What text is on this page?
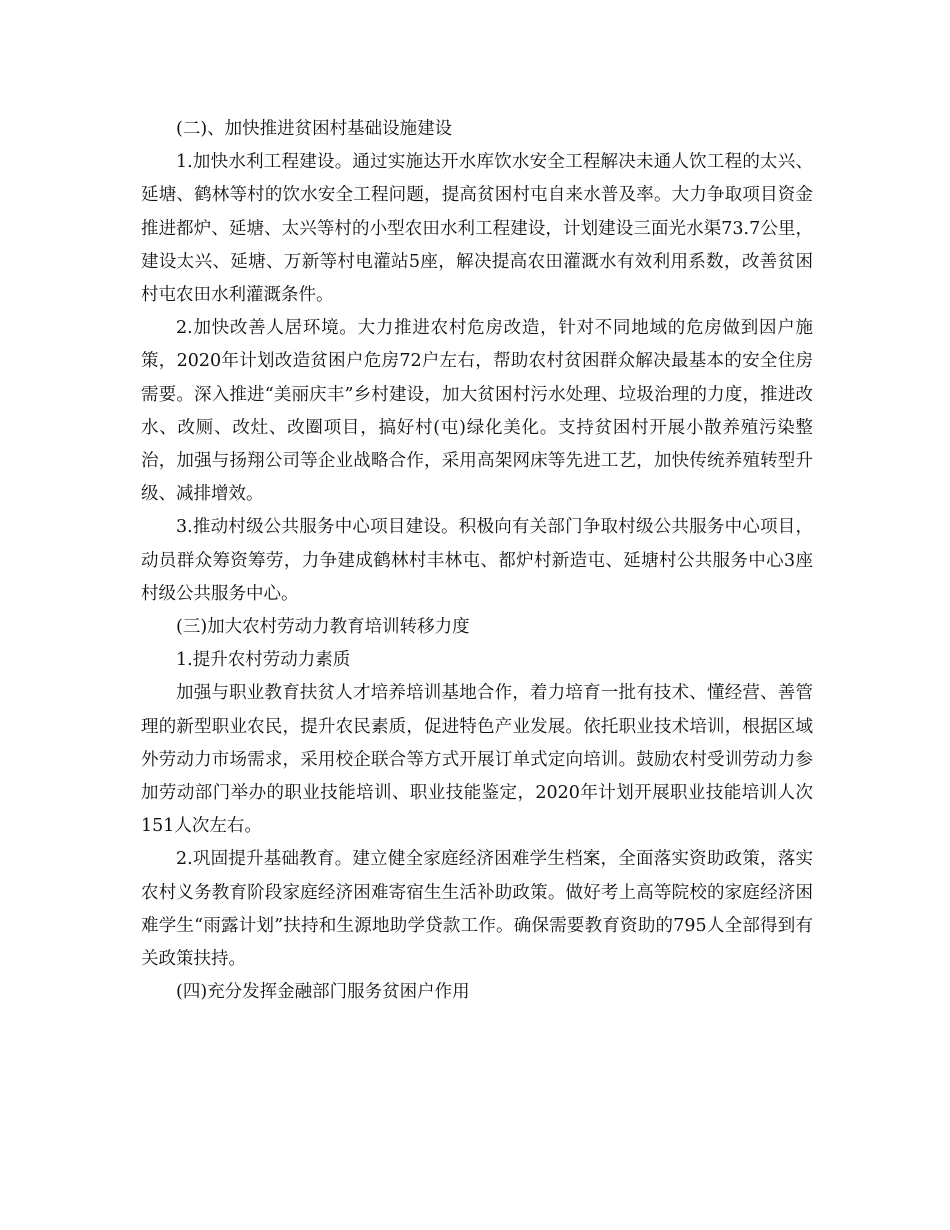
(二)、加快推进贫困村基础设施建设

1.加快水利工程建设。通过实施达开水库饮水安全工程解决未通人饮工程的太兴、延塘、鹤林等村的饮水安全工程问题，提高贫困村屯自来水普及率。大力争取项目资金推进都炉、延塘、太兴等村的小型农田水利工程建设，计划建设三面光水渠73.7公里，建设太兴、延塘、万新等村电灌站5座，解决提高农田灌溉水有效利用系数，改善贫困村屯农田水利灌溉条件。

2.加快改善人居环境。大力推进农村危房改造，针对不同地域的危房做到因户施策，2020年计划改造贫困户危房72户左右，帮助农村贫困群众解决最基本的安全住房需要。深入推进“美丽庆丰”乡村建设，加大贫困村污水处理、垃圾治理的力度，推进改水、改厕、改灶、改圈项目，搞好村(屯)绿化美化。支持贫困村开展小散养殖污染整治，加强与扬翔公司等企业战略合作，采用高架网床等先进工艺，加快传统养殖转型升级、减排增效。

3.推动村级公共服务中心项目建设。积极向有关部门争取村级公共服务中心项目，动员群众筹资筹劳，力争建成鹤林村丰林屯、都炉村新造屯、延塘村公共服务中心3座村级公共服务中心。

(三)加大农村劳动力教育培训转移力度

1.提升农村劳动力素质

加强与职业教育扶贫人才培养培训基地合作，着力培育一批有技术、懂经营、善管理的新型职业农民，提升农民素质，促进特色产业发展。依托职业技术培训，根据区域外劳动力市场需求，采用校企联合等方式开展订单式定向培训。鼓励农村受训劳动力参加劳动部门举办的职业技能培训、职业技能鉴定，2020年计划开展职业技能培训人次151人次左右。

2.巩固提升基础教育。建立健全家庭经济困难学生档案，全面落实资助政策，落实农村义务教育阶段家庭经济困难寄宿生生活补助政策。做好考上高等院校的家庭经济困难学生“雨露计划”扶持和生源地助学贷款工作。确保需要教育资助的795人全部得到有关政策扶持。

(四)充分发挥金融部门服务贫困户作用
